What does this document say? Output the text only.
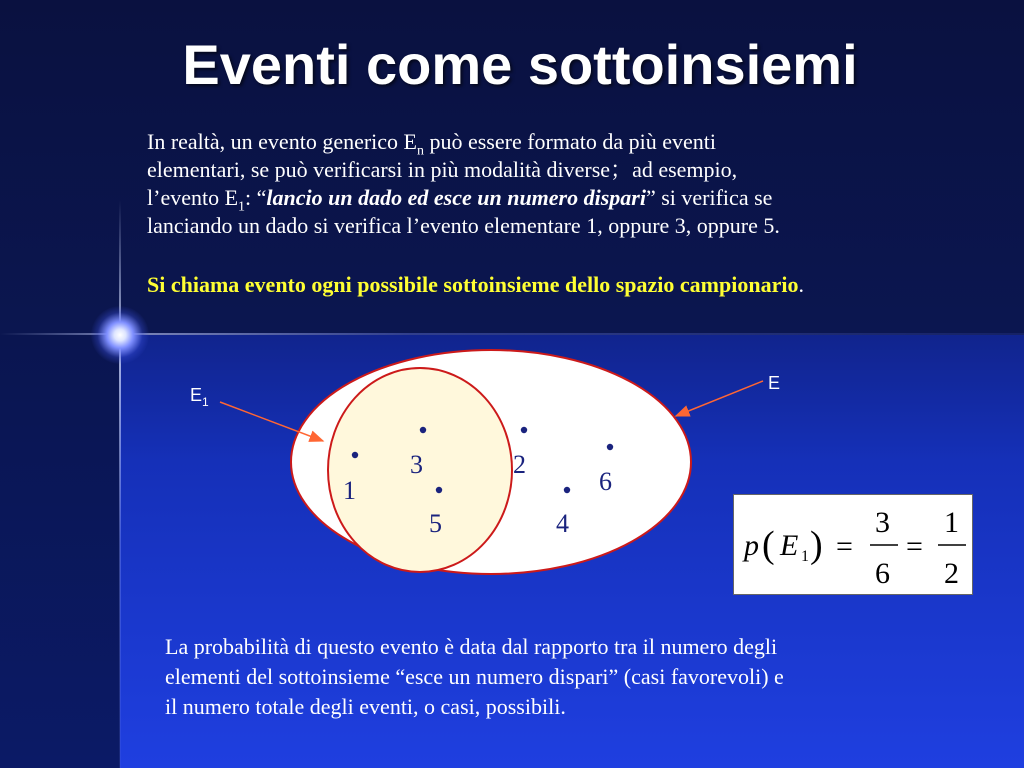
Eventi come sottoinsiemi
In realtà, un evento generico $E_n$ può essere formato da più eventi
elementari, se può verificarsi in più modalità diverse；ad esempio,
l’evento $E_1$: “lancio un dado ed esce un numero dispari” si verifica se
lanciando un dado si verifica l’evento elementare 1, oppure 3, oppure 5.
Si chiama evento ogni possibile sottoinsieme dello spazio campionario.
$E_1$
E
1
3
5
2
4
6
p ( E 1 ) =
3
6
=
1
2
La probabilità di questo evento è data dal rapporto tra il numero degli
elementi del sottoinsieme “esce un numero dispari” (casi favorevoli) e
il numero totale degli eventi, o casi, possibili.
